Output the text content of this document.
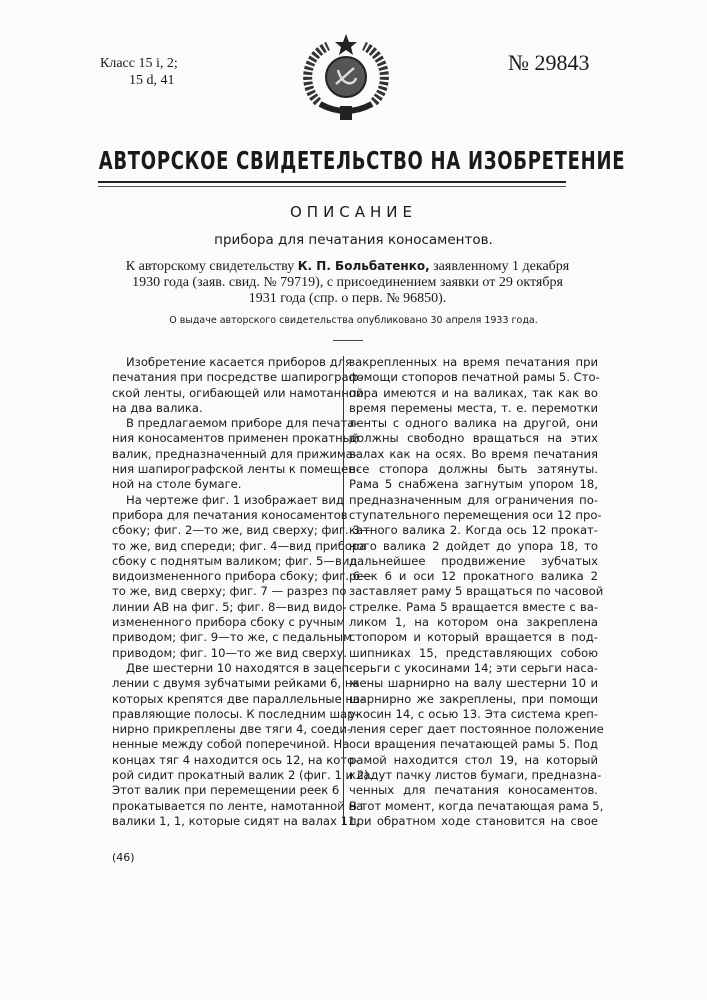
Класс 15 i, 2;
15 d, 41
№ 29843
АВТОРСКОЕ СВИДЕТЕЛЬСТВО НА ИЗОБРЕТЕНИЕ
ОПИСАНИЕ
прибора для печатания коносаментов.
К авторскому свидетельству К. П. Больбатенко, заявленному 1 декабря 1930 года (заяв. свид. № 79719), с присоединением заявки от 29 октября 1931 года (спр. о перв. № 96850).
О выдаче авторского свидетельства опубликовано 30 апреля 1933 года.
Изобретение касается приборов для
печатания при посредстве шапирограф-
ской ленты, огибающей или намотанной
на два валика.
В предлагаемом приборе для печата-
ния коносаментов применен прокатный
валик, предназначенный для прижима-
ния шапирографской ленты к помещен-
ной на столе бумаге.
На чертеже фиг. 1 изображает вид
прибора для печатания коносаментов
сбоку; фиг. 2—то же, вид сверху; фиг. 3—
то же, вид спереди; фиг. 4—вид прибора
сбоку с поднятым валиком; фиг. 5—вид
видоизмененного прибора сбоку; фиг. 6—
то же, вид сверху; фиг. 7 — разрез по
линии AB на фиг. 5; фиг. 8—вид видо-
измененного прибора сбоку с ручным
приводом; фиг. 9—то же, с педальным
приводом; фиг. 10—то же вид сверху.
Две шестерни 10 находятся в зацеп-
лении с двумя зубчатыми рейками 6, на
которых крепятся две параллельные на-
правляющие полосы. К последним шар-
нирно прикреплены две тяги 4, соеди-
ненные между собой поперечиной. На
концах тяг 4 находится ось 12, на кото-
рой сидит прокатный валик 2 (фиг. 1 и 2).
Этот валик при перемещении реек 6
прокатывается по ленте, намотанной на
валики 1, 1, которые сидят на валах 11,
закрепленных на время печатания при
помощи стопоров печатной рамы 5. Сто-
пора имеются и на валиках, так как во
время перемены места, т. е. перемотки
ленты с одного валика на другой, они
должны свободно вращаться на этих
валах как на осях. Во время печатания
все стопора должны быть затянуты.
Рама 5 снабжена загнутым упором 18,
предназначенным для ограничения по-
ступательного перемещения оси 12 про-
катного валика 2. Когда ось 12 прокат-
ного валика 2 дойдет до упора 18, то
дальнейшее продвижение зубчатых
реек 6 и оси 12 прокатного валика 2
заставляет раму 5 вращаться по часовой
стрелке. Рама 5 вращается вместе с ва-
ликом 1, на котором она закреплена
стопором и который вращается в под-
шипниках 15, представляющих собою
серьги с укосинами 14; эти серьги наса-
жены шарнирно на валу шестерни 10 и
шарнирно же закреплены, при помощи
укосин 14, с осью 13. Эта система креп-
ления серег дает постоянное положение
оси вращения печатающей рамы 5. Под
рамой находится стол 19, на который
кладут пачку листов бумаги, предназна-
ченных для печатания коносаментов.
В тот момент, когда печатающая рама 5,
при обратном ходе становится на свое
(46)
